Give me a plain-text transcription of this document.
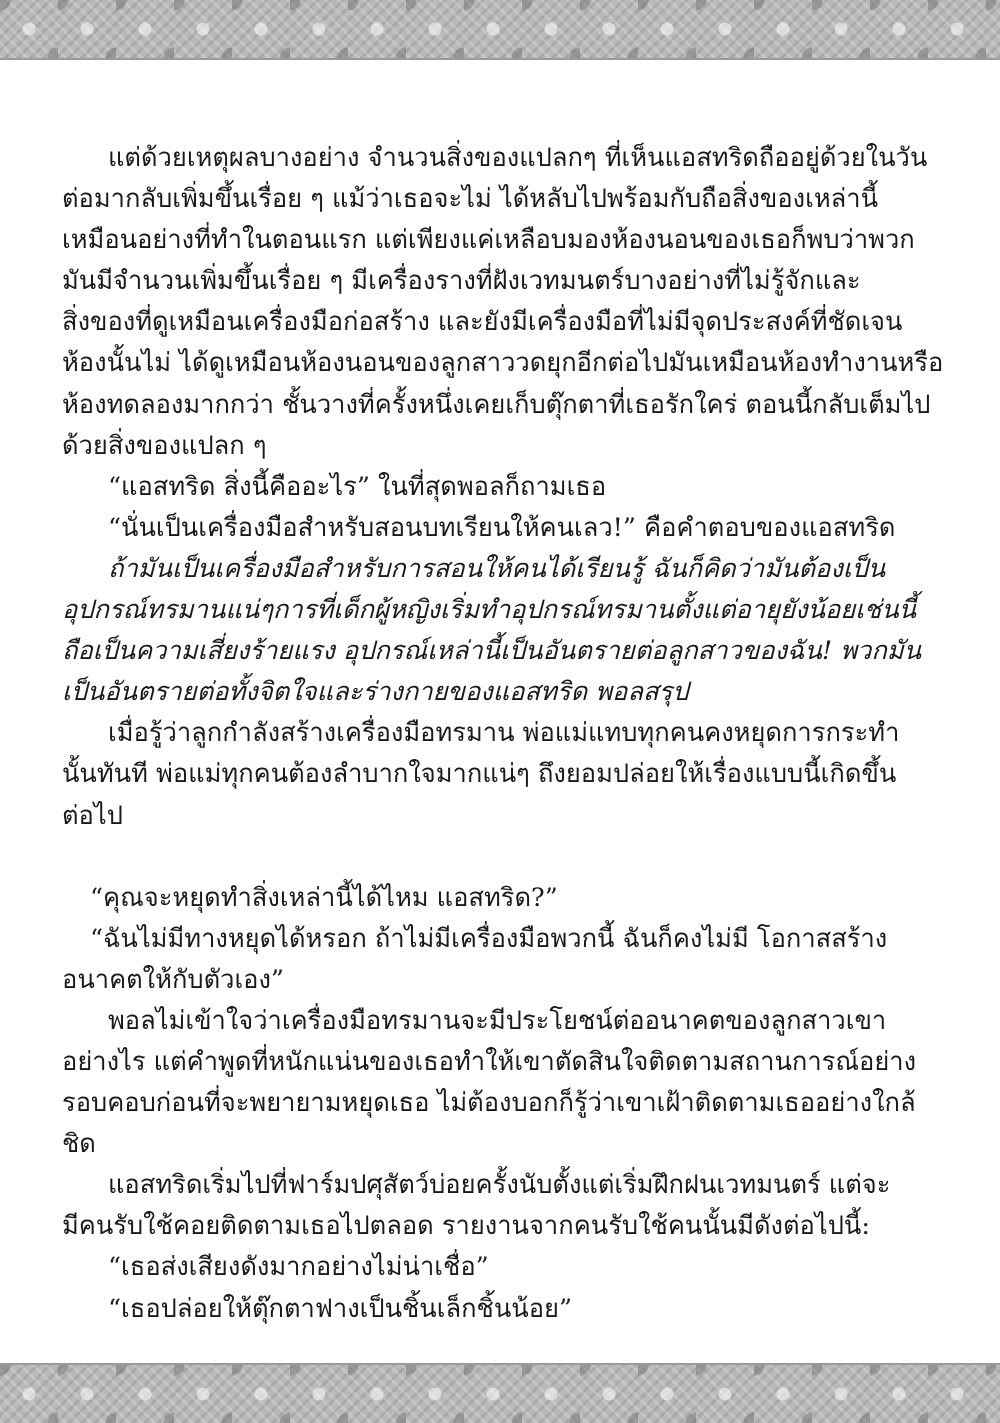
แต่ด้วยเหตุผลบางอย่าง จำนวนสิ่งของแปลกๆ ที่เห็นแอสทริดถืออยู่ด้วยในวัน

ต่อมากลับเพิ่มขึ้นเรื่อย ๆ แม้ว่าเธอจะไม่ ได้หลับไปพร้อมกับถือสิ่งของเหล่านี้

เหมือนอย่างที่ทำในตอนแรก แต่เพียงแค่เหลือบมองห้องนอนของเธอก็พบว่าพวก

มันมีจำนวนเพิ่มขึ้นเรื่อย ๆ มีเครื่องรางที่ฝังเวทมนตร์บางอย่างที่ไม่รู้จักและ

สิ่งของที่ดูเหมือนเครื่องมือก่อสร้าง และยังมีเครื่องมือที่ไม่มีจุดประสงค์ที่ชัดเจน

ห้องนั้นไม่ ได้ดูเหมือนห้องนอนของลูกสาววดยุกอีกต่อไปมันเหมือนห้องทำงานหรือ

ห้องทดลองมากกว่า ชั้นวางที่ครั้งหนึ่งเคยเก็บตุ๊กตาที่เธอรักใคร่ ตอนนี้กลับเต็มไป

ด้วยสิ่งของแปลก ๆ

“แอสทริด สิ่งนี้คืออะไร” ในที่สุดพอลก็ถามเธอ

“นั่นเป็นเครื่องมือสำหรับสอนบทเรียนให้คนเลว!” คือคำตอบของแอสทริด

ถ้ามันเป็นเครื่องมือสำหรับการสอนให้คนได้เรียนรู้ ฉันก็คิดว่ามันต้องเป็น

อุปกรณ์ทรมานแน่ๆการที่เด็กผู้หญิงเริ่มทำอุปกรณ์ทรมานตั้งแต่อายุยังน้อยเช่นนี้

ถือเป็นความเสี่ยงร้ายแรง อุปกรณ์เหล่านี้เป็นอันตรายต่อลูกสาวของฉัน! พวกมัน

เป็นอันตรายต่อทั้งจิตใจและร่างกายของแอสทริด พอลสรุป

เมื่อรู้ว่าลูกกำลังสร้างเครื่องมือทรมาน พ่อแม่แทบทุกคนคงหยุดการกระทำ

นั้นทันที พ่อแม่ทุกคนต้องลำบากใจมากแน่ๆ ถึงยอมปล่อยให้เรื่องแบบนี้เกิดขึ้น

ต่อไป

“คุณจะหยุดทำสิ่งเหล่านี้ได้ไหม แอสทริด?”

“ฉันไม่มีทางหยุดได้หรอก ถ้าไม่มีเครื่องมือพวกนี้ ฉันก็คงไม่มี โอกาสสร้าง

อนาคตให้กับตัวเอง”

พอลไม่เข้าใจว่าเครื่องมือทรมานจะมีประโยชน์ต่ออนาคตของลูกสาวเขา

อย่างไร แต่คำพูดที่หนักแน่นของเธอทำให้เขาตัดสินใจติดตามสถานการณ์อย่าง

รอบคอบก่อนที่จะพยายามหยุดเธอ ไม่ต้องบอกก็รู้ว่าเขาเฝ้าติดตามเธออย่างใกล้

ชิด

แอสทริดเริ่มไปที่ฟาร์มปศุสัตว์บ่อยครั้งนับตั้งแต่เริ่มฝึกฝนเวทมนตร์ แต่จะ

มีคนรับใช้คอยติดตามเธอไปตลอด รายงานจากคนรับใช้คนนั้นมีดังต่อไปนี้:

“เธอส่งเสียงดังมากอย่างไม่น่าเชื่อ”

“เธอปล่อยให้ตุ๊กตาฟางเป็นชิ้นเล็กชิ้นน้อย”
